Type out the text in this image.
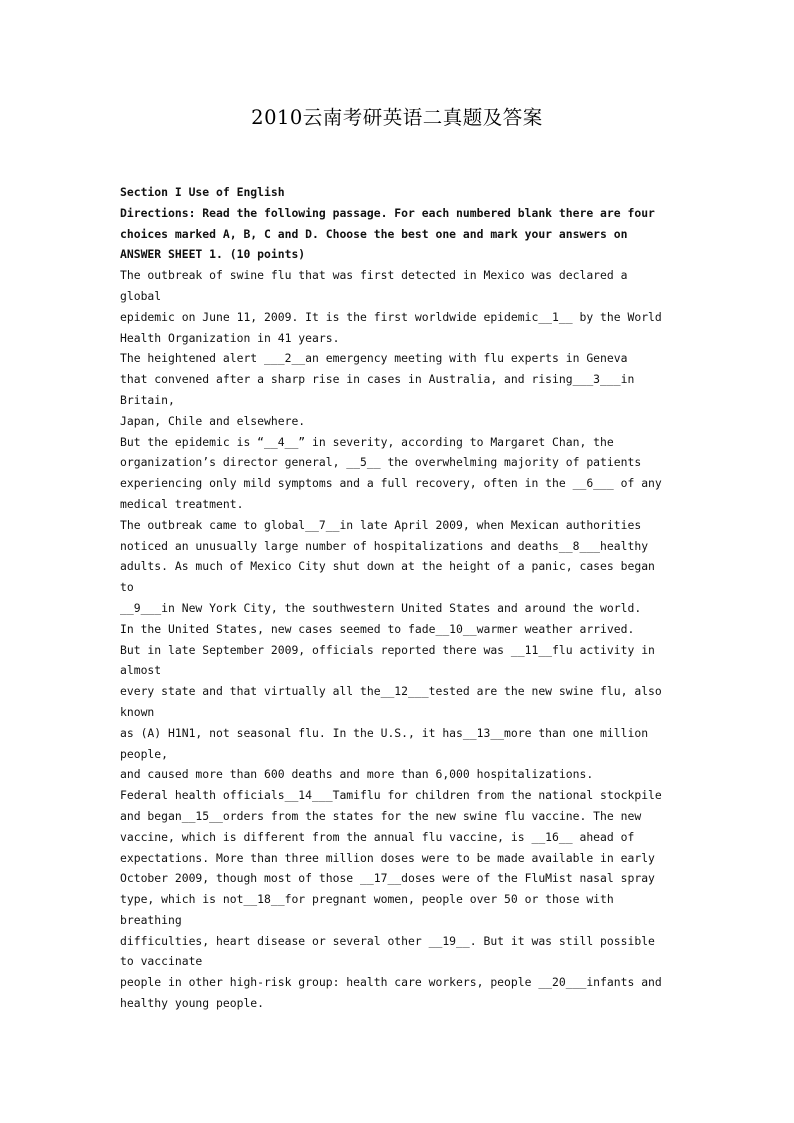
2010云南考研英语二真题及答案
Section I Use of English
Directions: Read the following passage. For each numbered blank there are four
choices marked A, B, C and D. Choose the best one and mark your answers on
ANSWER SHEET 1. (10 points)
The outbreak of swine flu that was first detected in Mexico was declared a
global
epidemic on June 11, 2009. It is the first worldwide epidemic__1__ by the World
Health Organization in 41 years.
The heightened alert ___2__an emergency meeting with flu experts in Geneva
that convened after a sharp rise in cases in Australia, and rising___3___in
Britain,
Japan, Chile and elsewhere.
But the epidemic is “__4__” in severity, according to Margaret Chan, the
organization’s director general, __5__ the overwhelming majority of patients
experiencing only mild symptoms and a full recovery, often in the __6___ of any
medical treatment.
The outbreak came to global__7__in late April 2009, when Mexican authorities
noticed an unusually large number of hospitalizations and deaths__8___healthy
adults. As much of Mexico City shut down at the height of a panic, cases began
to
__9___in New York City, the southwestern United States and around the world.
In the United States, new cases seemed to fade__10__warmer weather arrived.
But in late September 2009, officials reported there was __11__flu activity in
almost
every state and that virtually all the__12___tested are the new swine flu, also
known
as (A) H1N1, not seasonal flu. In the U.S., it has__13__more than one million
people,
and caused more than 600 deaths and more than 6,000 hospitalizations.
Federal health officials__14___Tamiflu for children from the national stockpile
and began__15__orders from the states for the new swine flu vaccine. The new
vaccine, which is different from the annual flu vaccine, is __16__ ahead of
expectations. More than three million doses were to be made available in early
October 2009, though most of those __17__doses were of the FluMist nasal spray
type, which is not__18__for pregnant women, people over 50 or those with
breathing
difficulties, heart disease or several other __19__. But it was still possible
to vaccinate
people in other high-risk group: health care workers, people __20___infants and
healthy young people.
